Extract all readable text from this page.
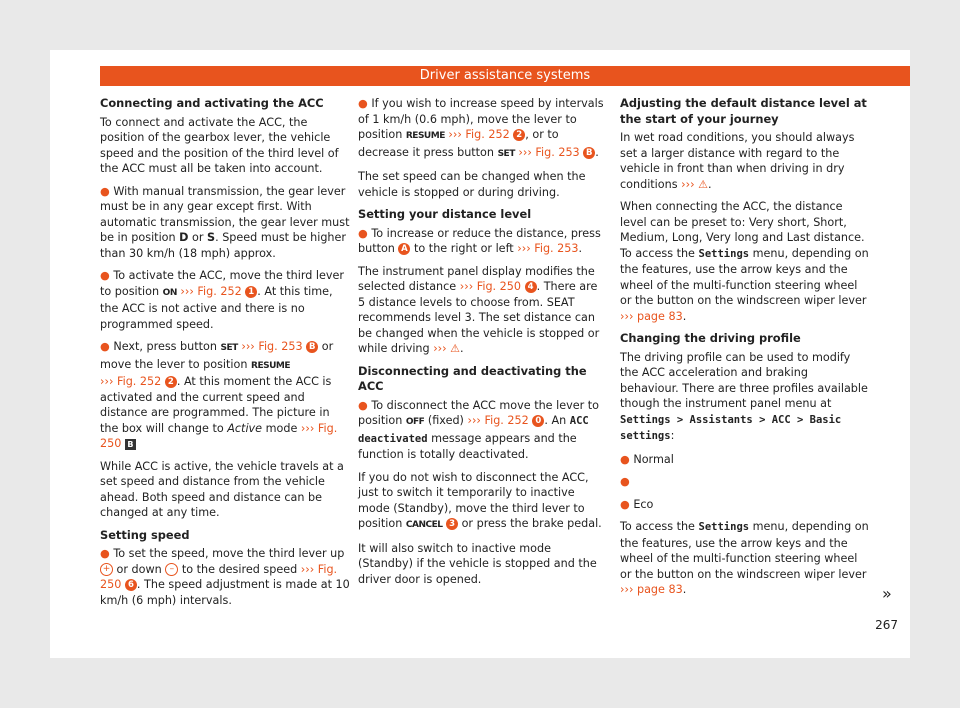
Driver assistance systems
Connecting and activating the ACC

To connect and activate the ACC, the position of the gearbox lever, the vehicle speed and the position of the third level of the ACC must all be taken into account.

● With manual transmission, the gear lever must be in any gear except first. With automatic transmission, the gear lever must be in position D or S. Speed must be higher than 30 km/h (18 mph) approx.

● To activate the ACC, move the third lever to position ON ››› Fig. 252 1 . At this time, the ACC is not active and there is no programmed speed.

● Next, press button SET ››› Fig. 253 B or move the lever to position RESUME
››› Fig. 252 2 . At this moment the ACC is activated and the current speed and distance are programmed. The picture in the box will change to Active mode ››› Fig. 250 B

While ACC is active, the vehicle travels at a set speed and distance from the vehicle ahead. Both speed and distance can be changed at any time.

Setting speed

● To set the speed, move the third lever up + or down – to the desired speed ››› Fig. 250 6 . The speed adjustment is made at 10 km/h (6 mph) intervals.

● If you wish to increase speed by intervals of 1 km/h (0.6 mph), move the lever to position RESUME ››› Fig. 252 2 , or to decrease it press button SET ››› Fig. 253 B .

The set speed can be changed when the vehicle is stopped or during driving.

Setting your distance level

● To increase or reduce the distance, press button A to the right or left ››› Fig. 253.

The instrument panel display modifies the selected distance ››› Fig. 250 4 . There are 5 distance levels to choose from. SEAT recommends level 3. The set distance can be changed when the vehicle is stopped or while driving ››› ⚠.

Disconnecting and deactivating the ACC

● To disconnect the ACC move the lever to position OFF (fixed) ››› Fig. 252 0 . An ACC deactivated message appears and the function is totally deactivated.

If you do not wish to disconnect the ACC, just to switch it temporarily to inactive mode (Standby), move the third lever to position CANCEL 3 or press the brake pedal.

It will also switch to inactive mode (Standby) if the vehicle is stopped and the driver door is opened.

Adjusting the default distance level at the start of your journey

In wet road conditions, you should always set a larger distance with regard to the vehicle in front than when driving in dry conditions ››› ⚠.

When connecting the ACC, the distance level can be preset to: Very short, Short, Medium, Long, Very long and Last distance. To access the Settings menu, depending on the features, use the arrow keys and the wheel of the multi-function steering wheel or the button on the windscreen wiper lever ››› page 83.

Changing the driving profile

The driving profile can be used to modify the ACC acceleration and braking behaviour. There are three profiles available though the instrument panel menu at Settings > Assistants > ACC > Basic settings:

● Normal

●

● Eco

To access the Settings menu, depending on the features, use the arrow keys and the wheel of the multi-function steering wheel or the button on the windscreen wiper lever ››› page 83.	»
267
